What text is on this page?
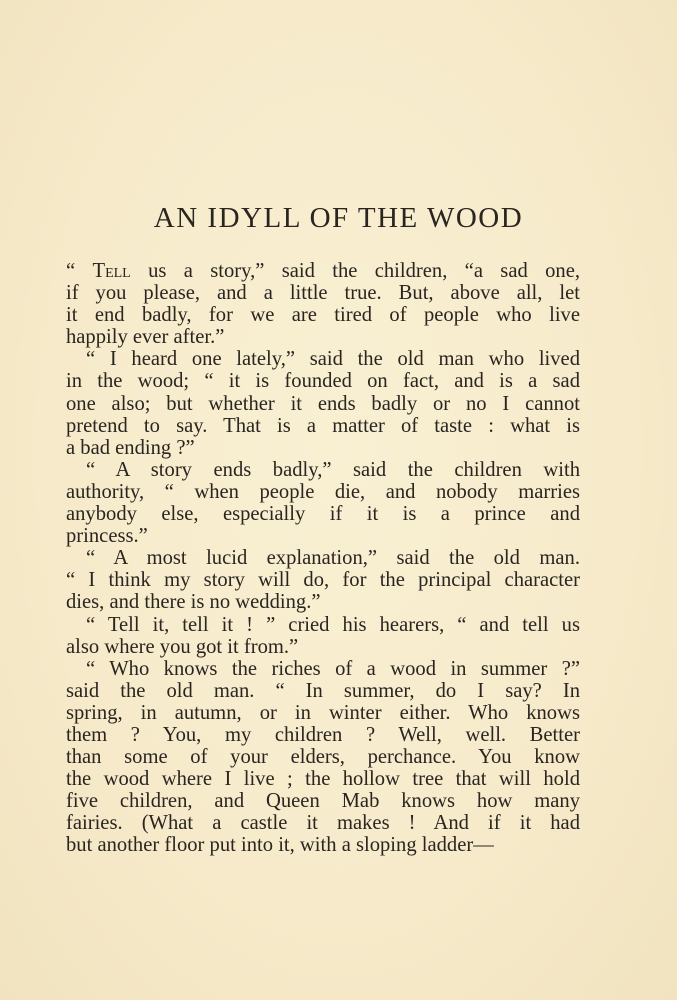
AN IDYLL OF THE WOOD
“ Tell us a story,” said the children, “a sad one,
if you please, and a little true. But, above all, let
it end badly, for we are tired of people who live
happily ever after.”
“ I heard one lately,” said the old man who lived
in the wood; “ it is founded on fact, and is a sad
one also; but whether it ends badly or no I cannot
pretend to say. That is a matter of taste : what is
a bad ending ?”
“ A story ends badly,” said the children with
authority, “ when people die, and nobody marries
anybody else, especially if it is a prince and
princess.”
“ A most lucid explanation,” said the old man.
“ I think my story will do, for the principal character
dies, and there is no wedding.”
“ Tell it, tell it ! ” cried his hearers, “ and tell us
also where you got it from.”
“ Who knows the riches of a wood in summer ?”
said the old man. “ In summer, do I say? In
spring, in autumn, or in winter either. Who knows
them ? You, my children ? Well, well. Better
than some of your elders, perchance. You know
the wood where I live ; the hollow tree that will hold
five children, and Queen Mab knows how many
fairies. (What a castle it makes ! And if it had
but another floor put into it, with a sloping ladder—
